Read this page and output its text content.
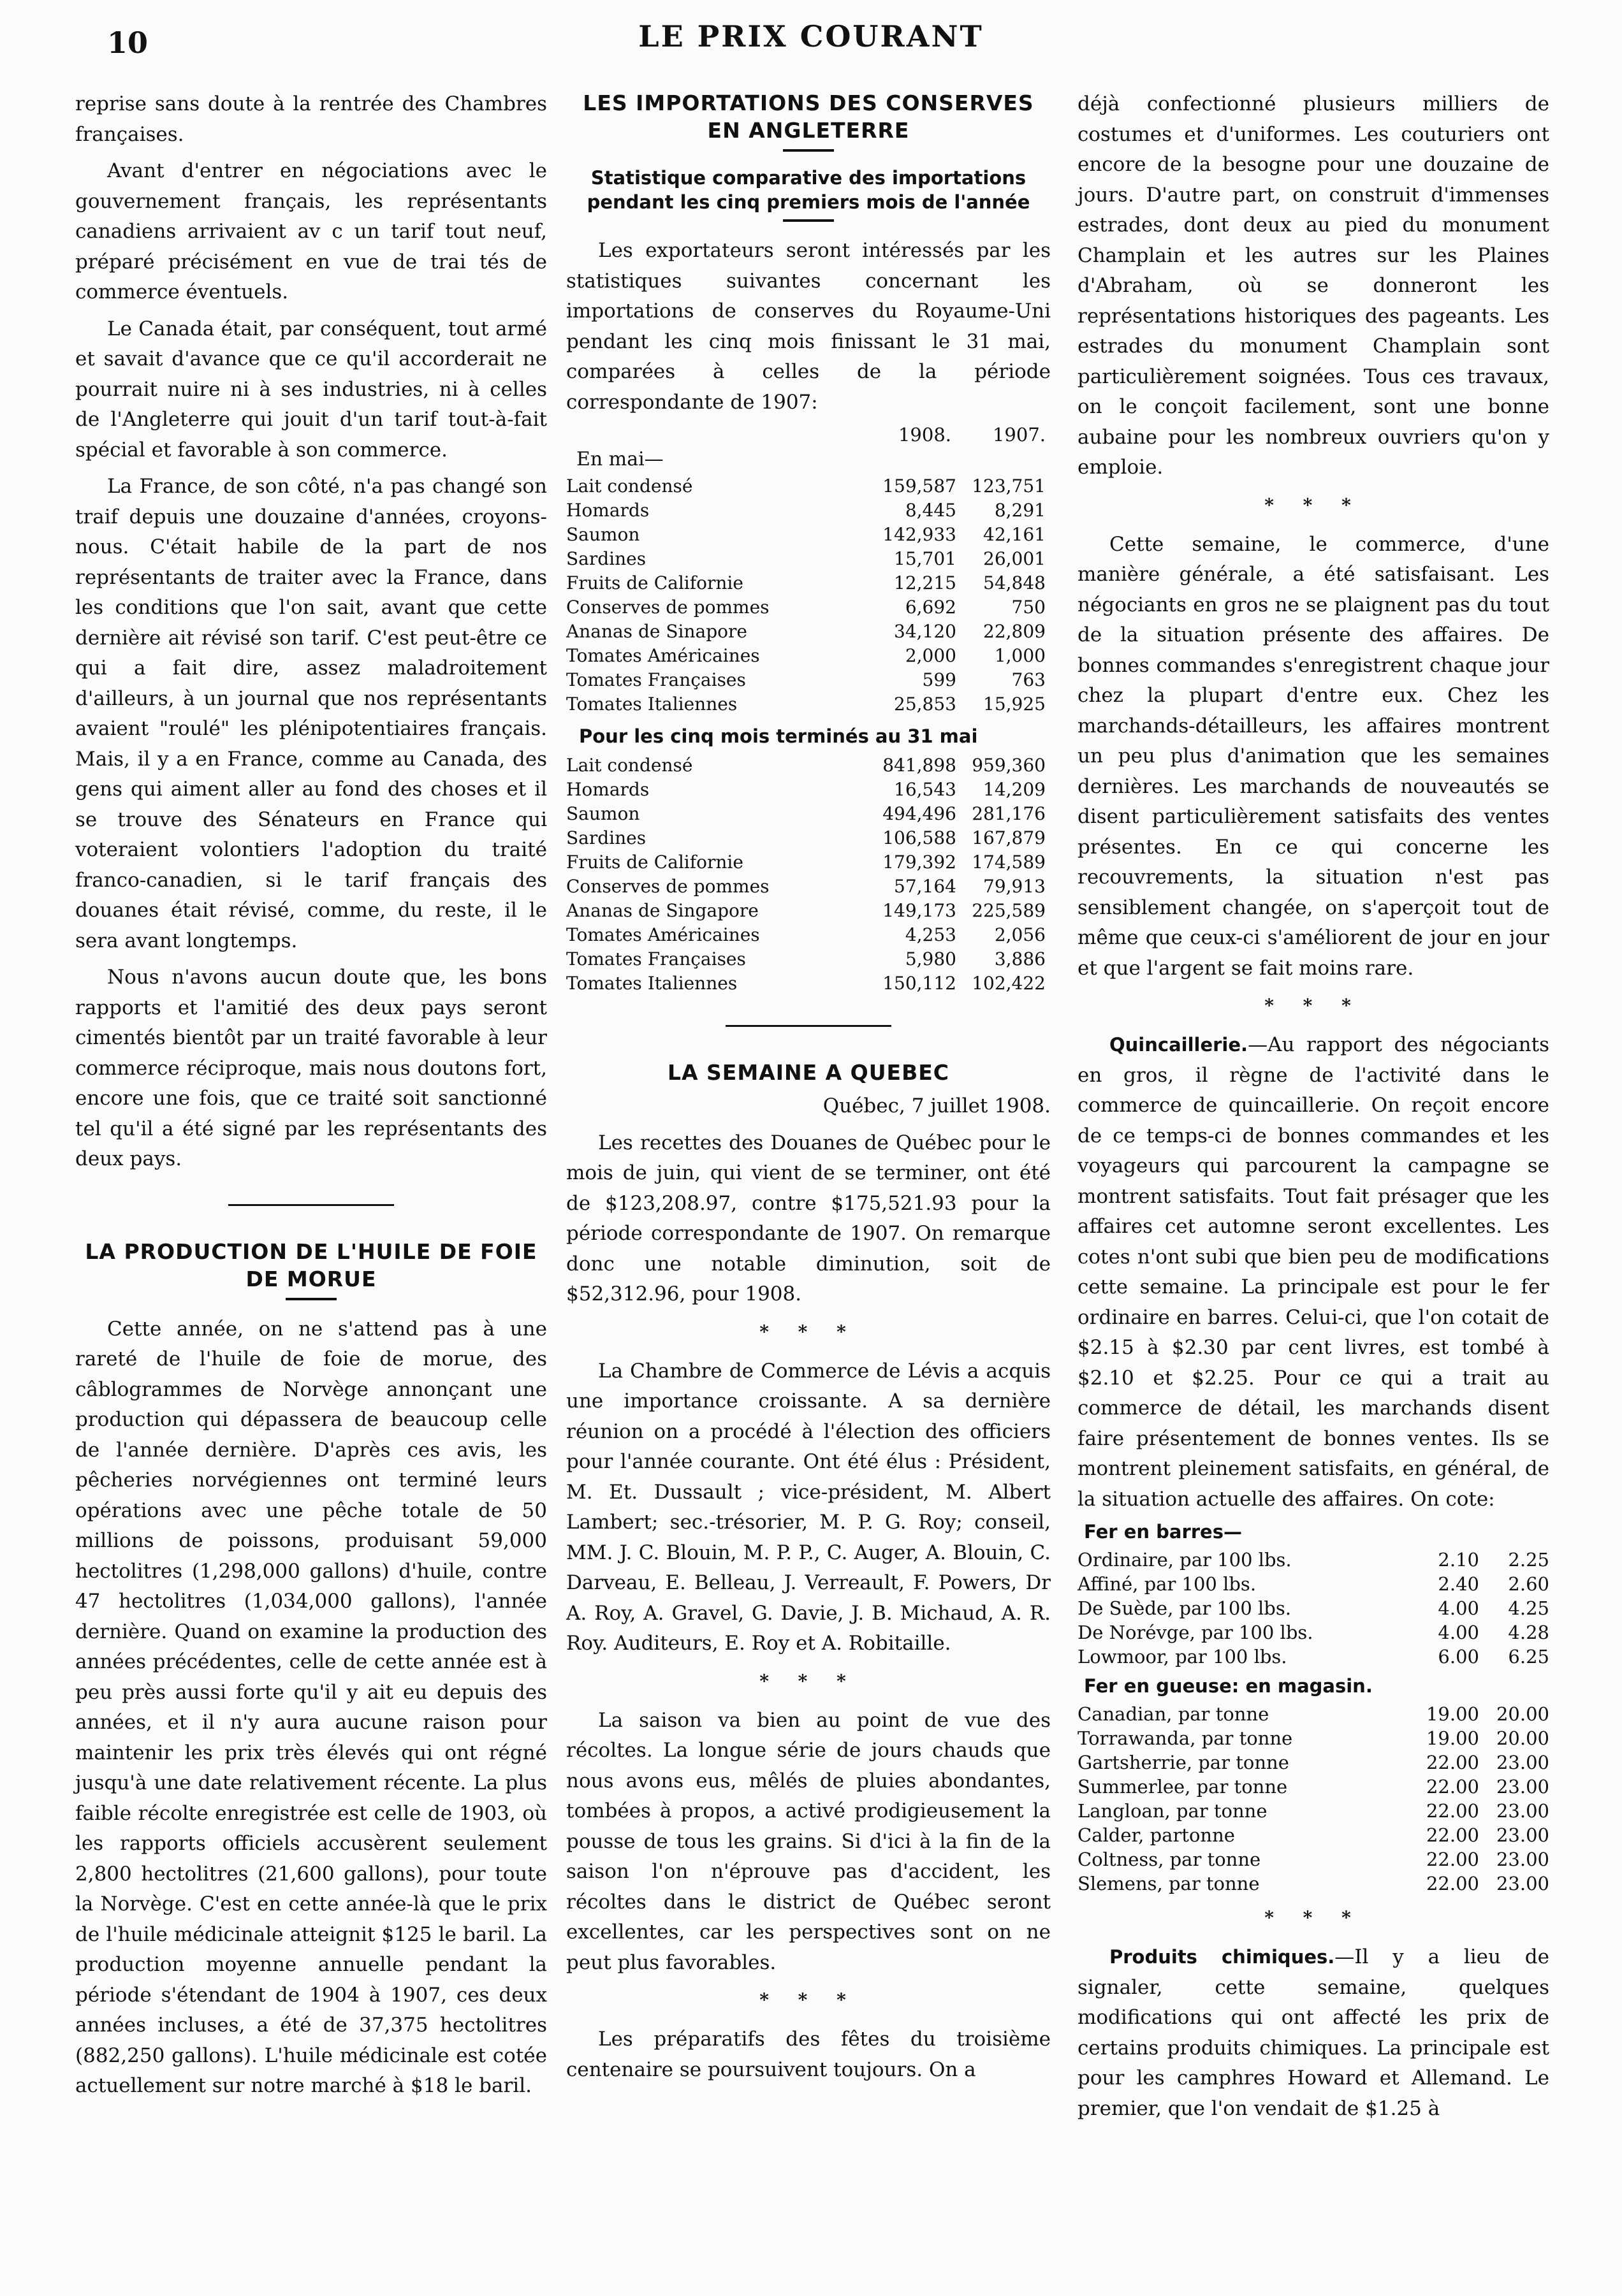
10	LE PRIX COURANT

reprise sans doute à la rentrée des Chambres françaises.

Avant d'entrer en négociations avec le gouvernement français, les représentants canadiens arrivaient av c un tarif tout neuf, préparé précisément en vue de trai tés de commerce éventuels.

Le Canada était, par conséquent, tout armé et savait d'avance que ce qu'il accorderait ne pourrait nuire ni à ses industries, ni à celles de l'Angleterre qui jouit d'un tarif tout-à-fait spécial et favorable à son commerce.

La France, de son côté, n'a pas changé son traif depuis une douzaine d'années, croyons-nous. C'était habile de la part de nos représentants de traiter avec la France, dans les conditions que l'on sait, avant que cette dernière ait révisé son tarif. C'est peut-être ce qui a fait dire, assez maladroitement d'ailleurs, à un journal que nos représentants avaient "roulé" les plénipotentiaires français. Mais, il y a en France, comme au Canada, des gens qui aiment aller au fond des choses et il se trouve des Sénateurs en France qui voteraient volontiers l'adoption du traité franco-canadien, si le tarif français des douanes était révisé, comme, du reste, il le sera avant longtemps.

Nous n'avons aucun doute que, les bons rapports et l'amitié des deux pays seront cimentés bientôt par un traité favorable à leur commerce réciproque, mais nous doutons fort, encore une fois, que ce traité soit sanctionné tel qu'il a été signé par les représentants des deux pays.

LA PRODUCTION DE L'HUILE DE FOIE DE MORUE

Cette année, on ne s'attend pas à une rareté de l'huile de foie de morue, des câblogrammes de Norvège annonçant une production qui dépassera de beaucoup celle de l'année dernière. D'après ces avis, les pêcheries norvégiennes ont terminé leurs opérations avec une pêche totale de 50 millions de poissons, produisant 59,000 hectolitres (1,298,000 gallons) d'huile, contre 47 hectolitres (1,034,000 gallons), l'année dernière. Quand on examine la production des années précédentes, celle de cette année est à peu près aussi forte qu'il y ait eu depuis des années, et il n'y aura aucune raison pour maintenir les prix très élevés qui ont régné jusqu'à une date relativement récente. La plus faible récolte enregistrée est celle de 1903, où les rapports officiels accusèrent seulement 2,800 hectolitres (21,600 gallons), pour toute la Norvège. C'est en cette année-là que le prix de l'huile médicinale atteignit $125 le baril. La production moyenne annuelle pendant la période s'étendant de 1904 à 1907, ces deux années incluses, a été de 37,375 hectolitres (882,250 gallons). L'huile médicinale est cotée actuellement sur notre marché à $18 le baril.

LES IMPORTATIONS DES CONSERVES EN ANGLETERRE
Statistique comparative des importations pendant les cinq premiers mois de l'année

Les exportateurs seront intéressés par les statistiques suivantes concernant les importations de conserves du Royaume-Uni pendant les cinq mois finissant le 31 mai, comparées à celles de la période correspondante de 1907:

1908.	1907.
En mai—
Lait condensé	159,587	123,751
Homards	8,445	8,291
Saumon	142,933	42,161
Sardines	15,701	26,001
Fruits de Californie	12,215	54,848
Conserves de pommes	6,692	750
Ananas de Sinapore	34,120	22,809
Tomates Américaines	2,000	1,000
Tomates Françaises	599	763
Tomates Italiennes	25,853	15,925
Pour les cinq mois terminés au 31 mai
Lait condensé	841,898	959,360
Homards	16,543	14,209
Saumon	494,496	281,176
Sardines	106,588	167,879
Fruits de Californie	179,392	174,589
Conserves de pommes	57,164	79,913
Ananas de Singapore	149,173	225,589
Tomates Américaines	4,253	2,056
Tomates Françaises	5,980	3,886
Tomates Italiennes	150,112	102,422
LA SEMAINE A QUEBEC

Québec, 7 juillet 1908.

Les recettes des Douanes de Québec pour le mois de juin, qui vient de se terminer, ont été de $123,208.97, contre $175,521.93 pour la période correspondante de 1907. On remarque donc une notable diminution, soit de $52,312.96, pour 1908.

* * *

La Chambre de Commerce de Lévis a acquis une importance croissante. A sa dernière réunion on a procédé à l'élection des officiers pour l'année courante. Ont été élus : Président, M. Et. Dussault ; vice-président, M. Albert Lambert; sec.-trésorier, M. P. G. Roy; conseil, MM. J. C. Blouin, M. P. P., C. Auger, A. Blouin, C. Darveau, E. Belleau, J. Verreault, F. Powers, Dr A. Roy, A. Gravel, G. Davie, J. B. Michaud, A. R. Roy. Auditeurs, E. Roy et A. Robitaille.

* * *

La saison va bien au point de vue des récoltes. La longue série de jours chauds que nous avons eus, mêlés de pluies abondantes, tombées à propos, a activé prodigieusement la pousse de tous les grains. Si d'ici à la fin de la saison l'on n'éprouve pas d'accident, les récoltes dans le district de Québec seront excellentes, car les perspectives sont on ne peut plus favorables.

* * *

Les préparatifs des fêtes du troisième centenaire se poursuivent toujours. On a

déjà confectionné plusieurs milliers de costumes et d'uniformes. Les couturiers ont encore de la besogne pour une douzaine de jours. D'autre part, on construit d'immenses estrades, dont deux au pied du monument Champlain et les autres sur les Plaines d'Abraham, où se donneront les représentations historiques des pageants. Les estrades du monument Champlain sont particulièrement soignées. Tous ces travaux, on le conçoit facilement, sont une bonne aubaine pour les nombreux ouvriers qu'on y emploie.

* * *

Cette semaine, le commerce, d'une manière générale, a été satisfaisant. Les négociants en gros ne se plaignent pas du tout de la situation présente des affaires. De bonnes commandes s'enregistrent chaque jour chez la plupart d'entre eux. Chez les marchands-détailleurs, les affaires montrent un peu plus d'animation que les semaines dernières. Les marchands de nouveautés se disent particulièrement satisfaits des ventes présentes. En ce qui concerne les recouvrements, la situation n'est pas sensiblement changée, on s'aperçoit tout de même que ceux-ci s'améliorent de jour en jour et que l'argent se fait moins rare.

* * *

Quincaillerie.—Au rapport des négociants en gros, il règne de l'activité dans le commerce de quincaillerie. On reçoit encore de ce temps-ci de bonnes commandes et les voyageurs qui parcourent la campagne se montrent satisfaits. Tout fait présager que les affaires cet automne seront excellentes. Les cotes n'ont subi que bien peu de modifications cette semaine. La principale est pour le fer ordinaire en barres. Celui-ci, que l'on cotait de $2.15 à $2.30 par cent livres, est tombé à $2.10 et $2.25. Pour ce qui a trait au commerce de détail, les marchands disent faire présentement de bonnes ventes. Ils se montrent pleinement satisfaits, en général, de la situation actuelle des affaires. On cote:

Fer en barres—
Ordinaire, par 100 lbs.	2.10	2.25
Affiné, par 100 lbs.	2.40	2.60
De Suède, par 100 lbs.	4.00	4.25
De Norévge, par 100 lbs.	4.00	4.28
Lowmoor, par 100 lbs.	6.00	6.25
Fer en gueuse: en magasin.
Canadian, par tonne	19.00	20.00
Torrawanda, par tonne	19.00	20.00
Gartsherrie, par tonne	22.00	23.00
Summerlee, par tonne	22.00	23.00
Langloan, par tonne	22.00	23.00
Calder, partonne	22.00	23.00
Coltness, par tonne	22.00	23.00
Slemens, par tonne	22.00	23.00
* * *

Produits chimiques.—Il y a lieu de signaler, cette semaine, quelques modifications qui ont affecté les prix de certains produits chimiques. La principale est pour les camphres Howard et Allemand. Le premier, que l'on vendait de $1.25 à
